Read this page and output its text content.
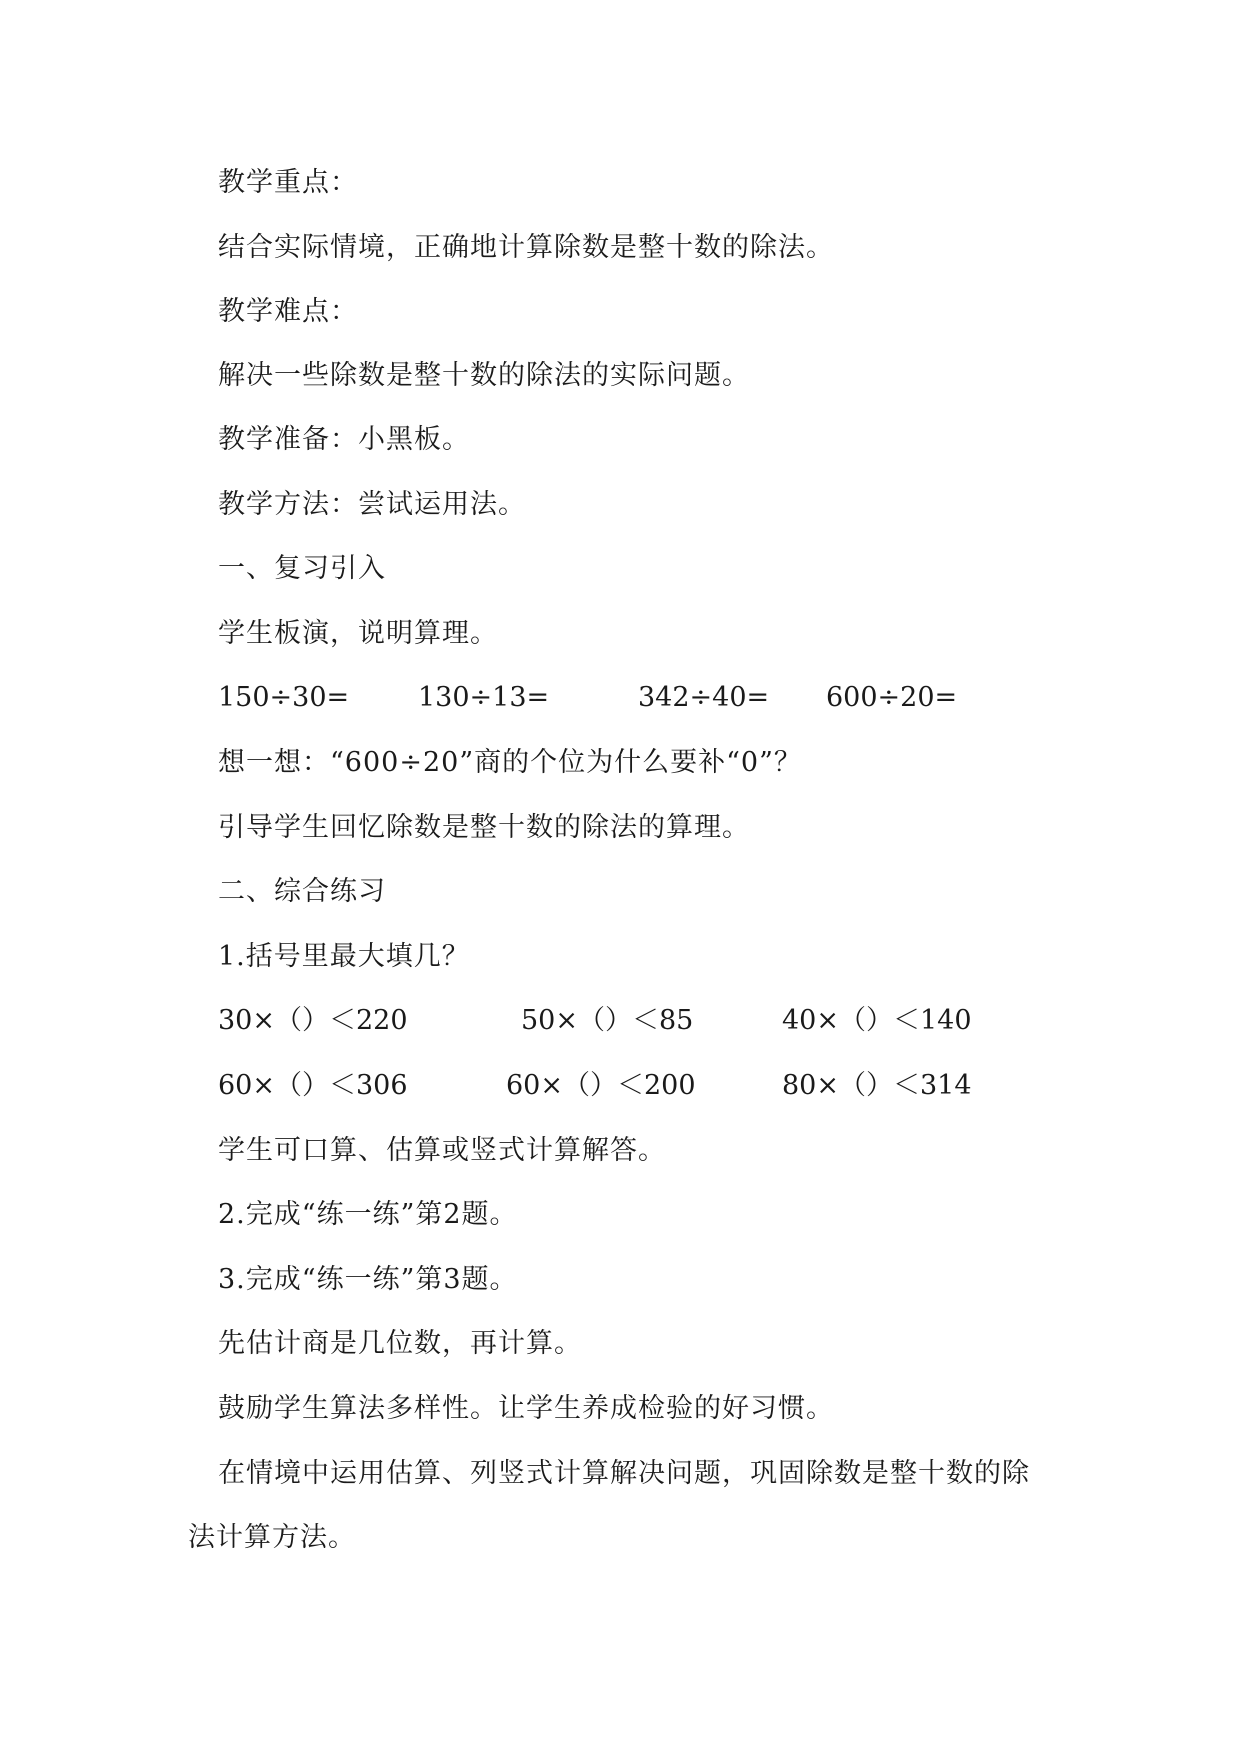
教学重点：
结合实际情境，正确地计算除数是整十数的除法。
教学难点：
解决一些除数是整十数的除法的实际问题。
教学准备：小黑板。
教学方法：尝试运用法。
一、复习引入
学生板演，说明算理。
150÷30=	130÷13=	342÷40= 600÷20=
想一想：“600÷20”商的个位为什么要补“0”？
引导学生回忆除数是整十数的除法的算理。
二、综合练习
1.括号里最大填几？
30×（）＜220	50×（）＜85	40×（）＜140
60×（）＜306	60×（）＜200	80×（）＜314
学生可口算、估算或竖式计算解答。
2.完成“练一练”第2题。
3.完成“练一练”第3题。
先估计商是几位数，再计算。
鼓励学生算法多样性。让学生养成检验的好习惯。
在情境中运用估算、列竖式计算解决问题，巩固除数是整十数的除
法计算方法。
